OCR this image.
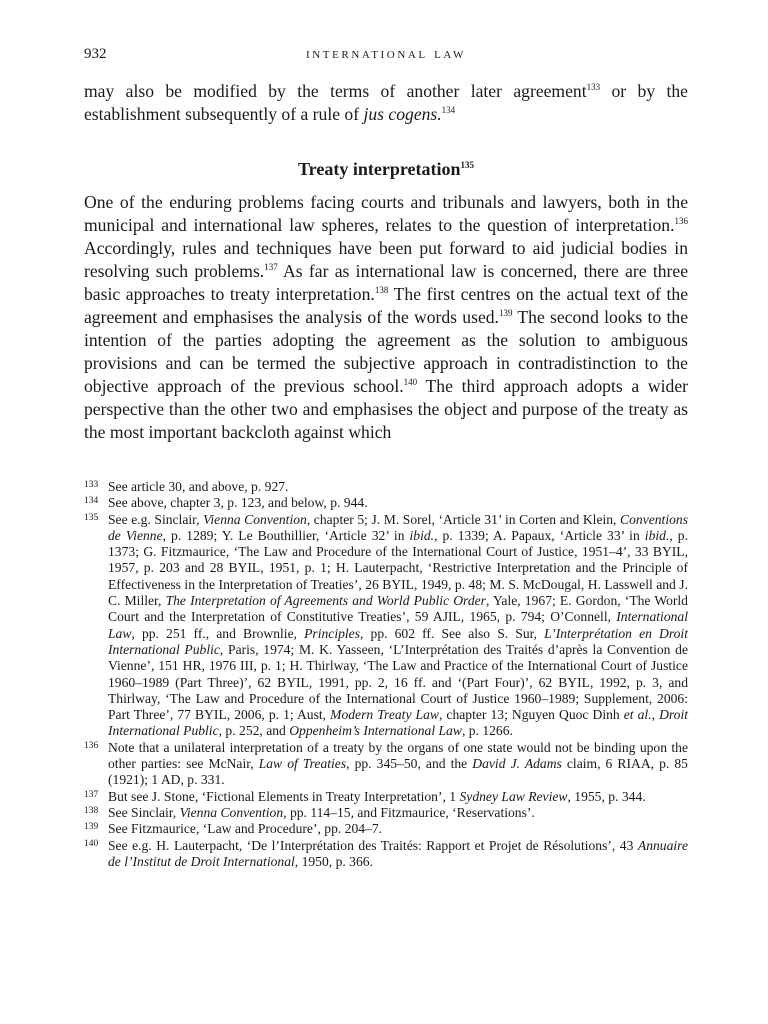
932	international law

may also be modified by the terms of another later agreement$^{133}$ or by the establishment subsequently of a rule of jus cogens.$^{134}$

Treaty interpretation$^{135}$

One of the enduring problems facing courts and tribunals and lawyers, both in the municipal and international law spheres, relates to the question of interpretation.$^{136}$ Accordingly, rules and techniques have been put forward to aid judicial bodies in resolving such problems.$^{137}$ As far as international law is concerned, there are three basic approaches to treaty interpretation.$^{138}$ The first centres on the actual text of the agreement and emphasises the analysis of the words used.$^{139}$ The second looks to the intention of the parties adopting the agreement as the solution to ambiguous provisions and can be termed the subjective approach in contradistinction to the objective approach of the previous school.$^{140}$ The third approach adopts a wider perspective than the other two and emphasises the object and purpose of the treaty as the most important backcloth against which

133 See article 30, and above, p. 927.
134 See above, chapter 3, p. 123, and below, p. 944.
135 See e.g. Sinclair, Vienna Convention, chapter 5; J. M. Sorel, ‘Article 31’ in Corten and Klein, Conventions de Vienne, p. 1289; Y. Le Bouthillier, ‘Article 32’ in ibid., p. 1339; A. Papaux, ‘Article 33’ in ibid., p. 1373; G. Fitzmaurice, ‘The Law and Procedure of the International Court of Justice, 1951–4’, 33 BYIL, 1957, p. 203 and 28 BYIL, 1951, p. 1; H. Lauterpacht, ‘Restrictive Interpretation and the Principle of Effectiveness in the Interpretation of Treaties’, 26 BYIL, 1949, p. 48; M. S. McDougal, H. Lasswell and J. C. Miller, The Interpretation of Agreements and World Public Order, Yale, 1967; E. Gordon, ‘The World Court and the Interpretation of Constitutive Treaties’, 59 AJIL, 1965, p. 794; O’Connell, International Law, pp. 251 ff., and Brownlie, Principles, pp. 602 ff. See also S. Sur, L’Interprétation en Droit International Public, Paris, 1974; M. K. Yasseen, ‘L’Interprétation des Traités d’après la Convention de Vienne’, 151 HR, 1976 III, p. 1; H. Thirlway, ‘The Law and Practice of the International Court of Justice 1960–1989 (Part Three)’, 62 BYIL, 1991, pp. 2, 16 ff. and ‘(Part Four)’, 62 BYIL, 1992, p. 3, and Thirlway, ‘The Law and Procedure of the International Court of Justice 1960–1989; Supplement, 2006: Part Three’, 77 BYIL, 2006, p. 1; Aust, Modern Treaty Law, chapter 13; Nguyen Quoc Dinh et al., Droit International Public, p. 252, and Oppenheim’s International Law, p. 1266.
136 Note that a unilateral interpretation of a treaty by the organs of one state would not be binding upon the other parties: see McNair, Law of Treaties, pp. 345–50, and the David J. Adams claim, 6 RIAA, p. 85 (1921); 1 AD, p. 331.
137 But see J. Stone, ‘Fictional Elements in Treaty Interpretation’, 1 Sydney Law Review, 1955, p. 344.
138 See Sinclair, Vienna Convention, pp. 114–15, and Fitzmaurice, ‘Reservations’.
139 See Fitzmaurice, ‘Law and Procedure’, pp. 204–7.
140 See e.g. H. Lauterpacht, ‘De l’Interprétation des Traités: Rapport et Projet de Résolutions’, 43 Annuaire de l’Institut de Droit International, 1950, p. 366.
